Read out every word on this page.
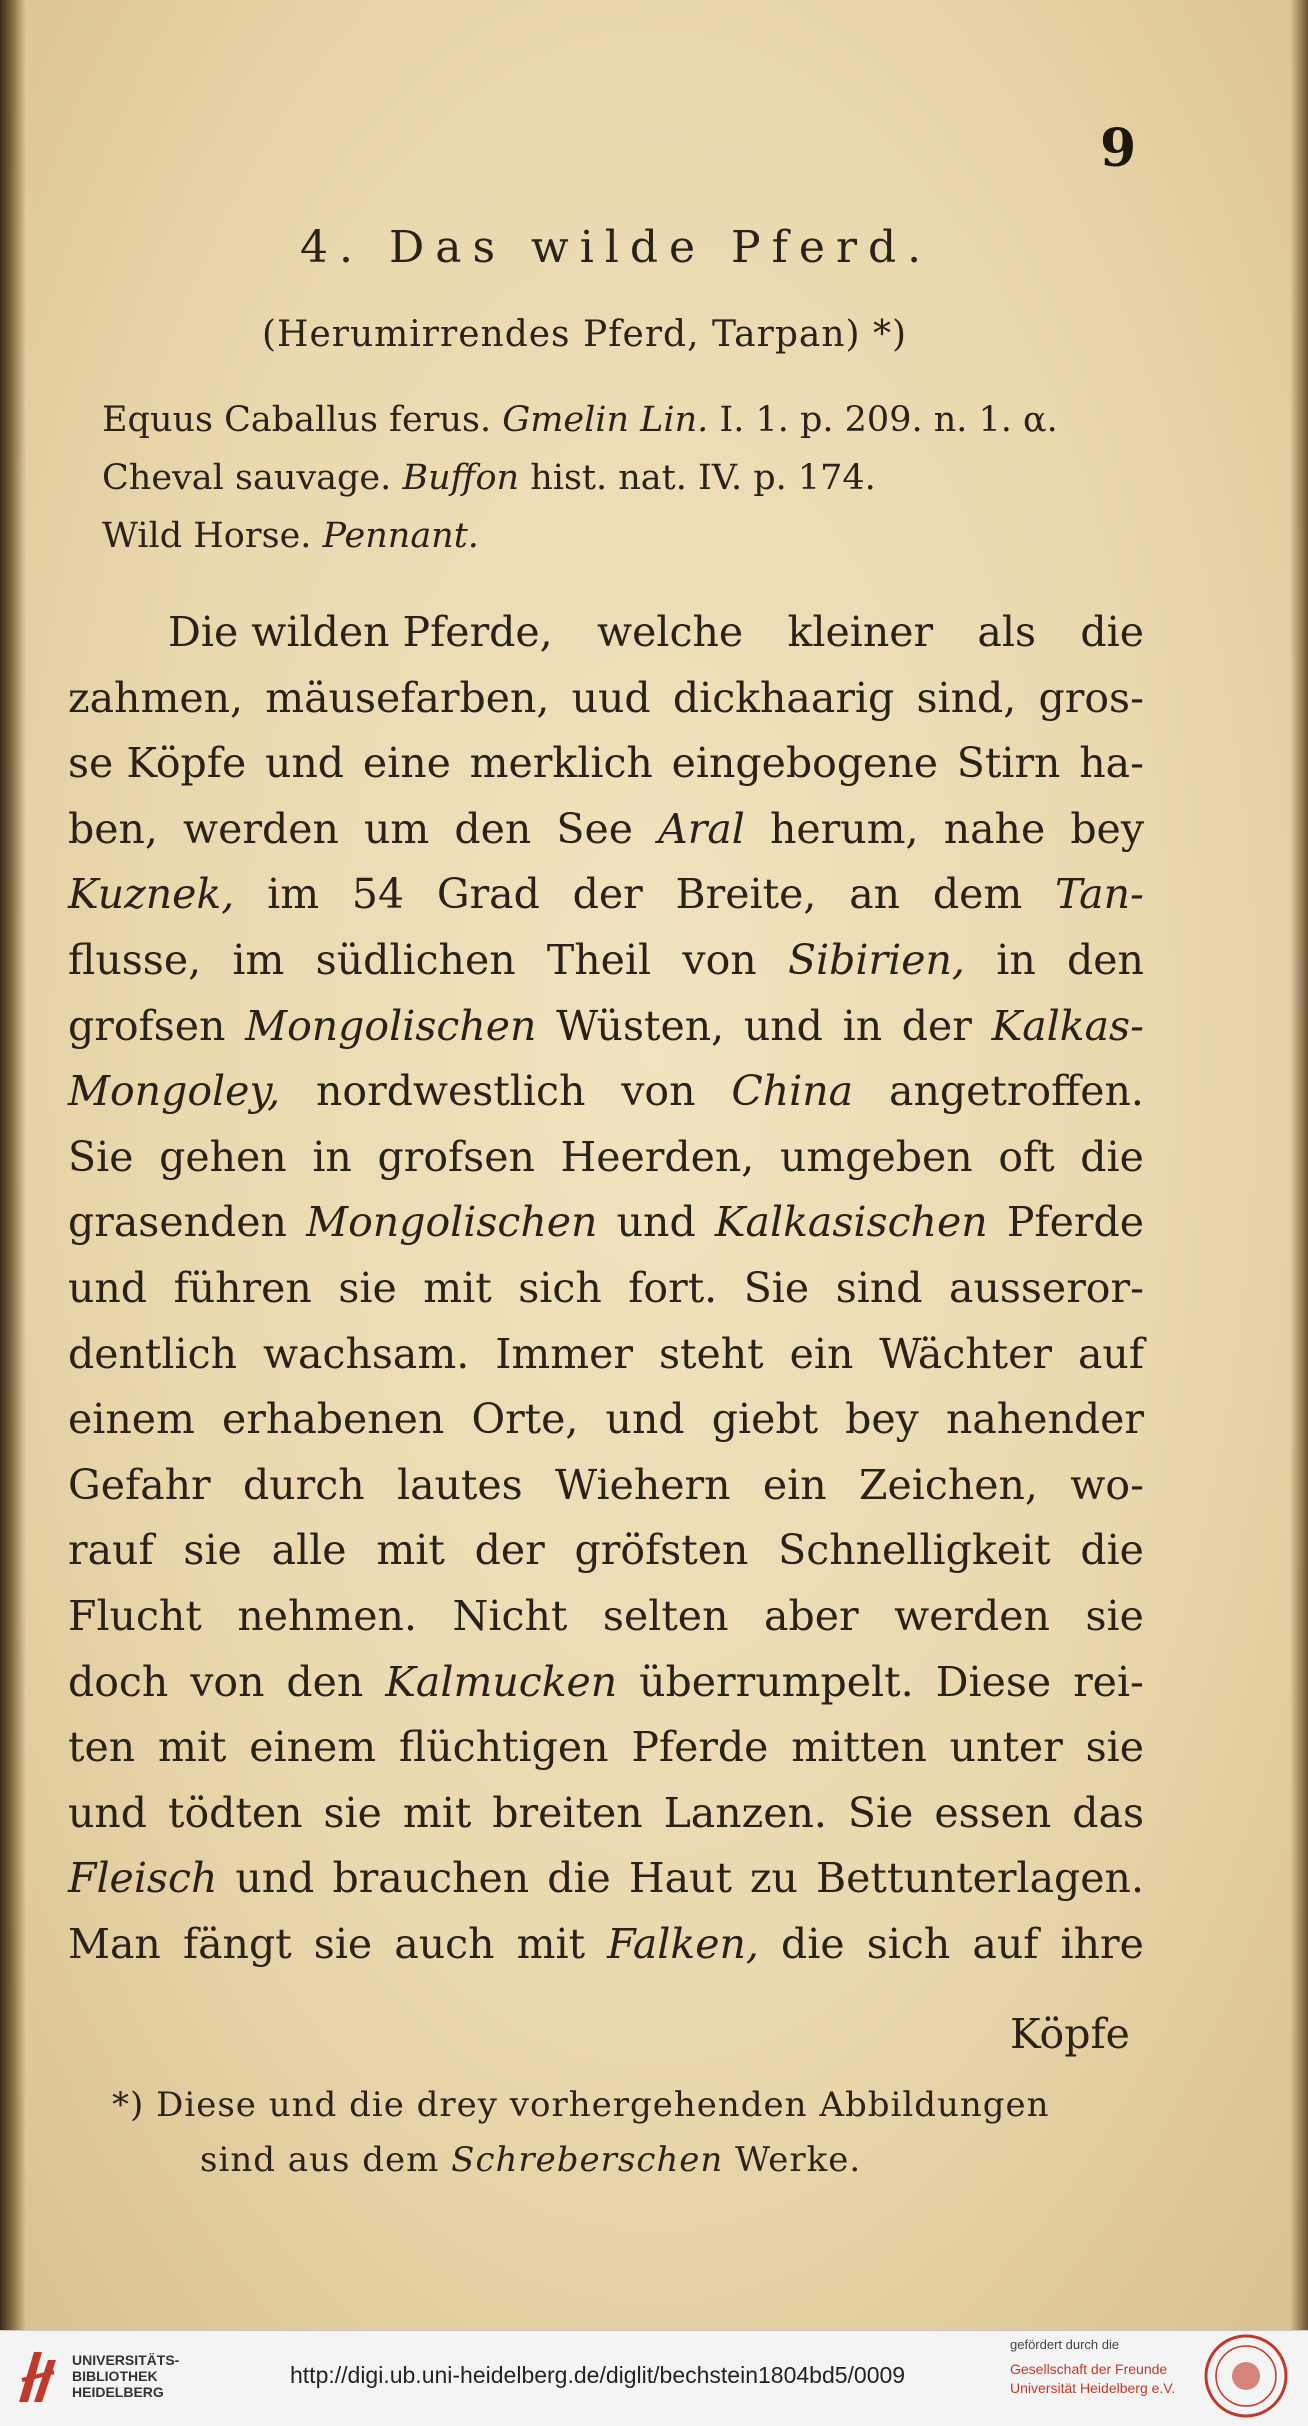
9
4. Das wilde Pferd.
(Herumirrendes Pferd, Tarpan) *)
Equus Caballus ferus. Gmelin Lin. I. 1. p. 209. n. 1. α.
Cheval sauvage. Buffon hist. nat. IV. p. 174.
Wild Horse. Pennant.
Die wilden Pferde, welche kleiner als die
zahmen, mäusefarben, uud dickhaarig sind, gros-
se Köpfe und eine merklich eingebogene Stirn ha-
ben, werden um den See Aral herum, nahe bey
Kuznek, im 54 Grad der Breite, an dem Tan-
flusse, im südlichen Theil von Sibirien, in den
grofsen Mongolischen Wüsten, und in der Kalkas-
Mongoley, nordwestlich von China angetroffen.
Sie gehen in grofsen Heerden, umgeben oft die
grasenden Mongolischen und Kalkasischen Pferde
und führen sie mit sich fort. Sie sind ausseror-
dentlich wachsam. Immer steht ein Wächter auf
einem erhabenen Orte, und giebt bey nahender
Gefahr durch lautes Wiehern ein Zeichen, wo-
rauf sie alle mit der gröfsten Schnelligkeit die
Flucht nehmen. Nicht selten aber werden sie
doch von den Kalmucken überrumpelt. Diese rei-
ten mit einem flüchtigen Pferde mitten unter sie
und tödten sie mit breiten Lanzen. Sie essen das
Fleisch und brauchen die Haut zu Bettunterlagen.
Man fängt sie auch mit Falken, die sich auf ihre
Köpfe
*) Diese und die drey vorhergehenden Abbildungen
sind aus dem Schreberschen Werke.
UNIVERSITÄTS-
BIBLIOTHEK
HEIDELBERG
http://digi.ub.uni-heidelberg.de/diglit/bechstein1804bd5/0009
gefördert durch die
Gesellschaft der Freunde
Universität Heidelberg e.V.
